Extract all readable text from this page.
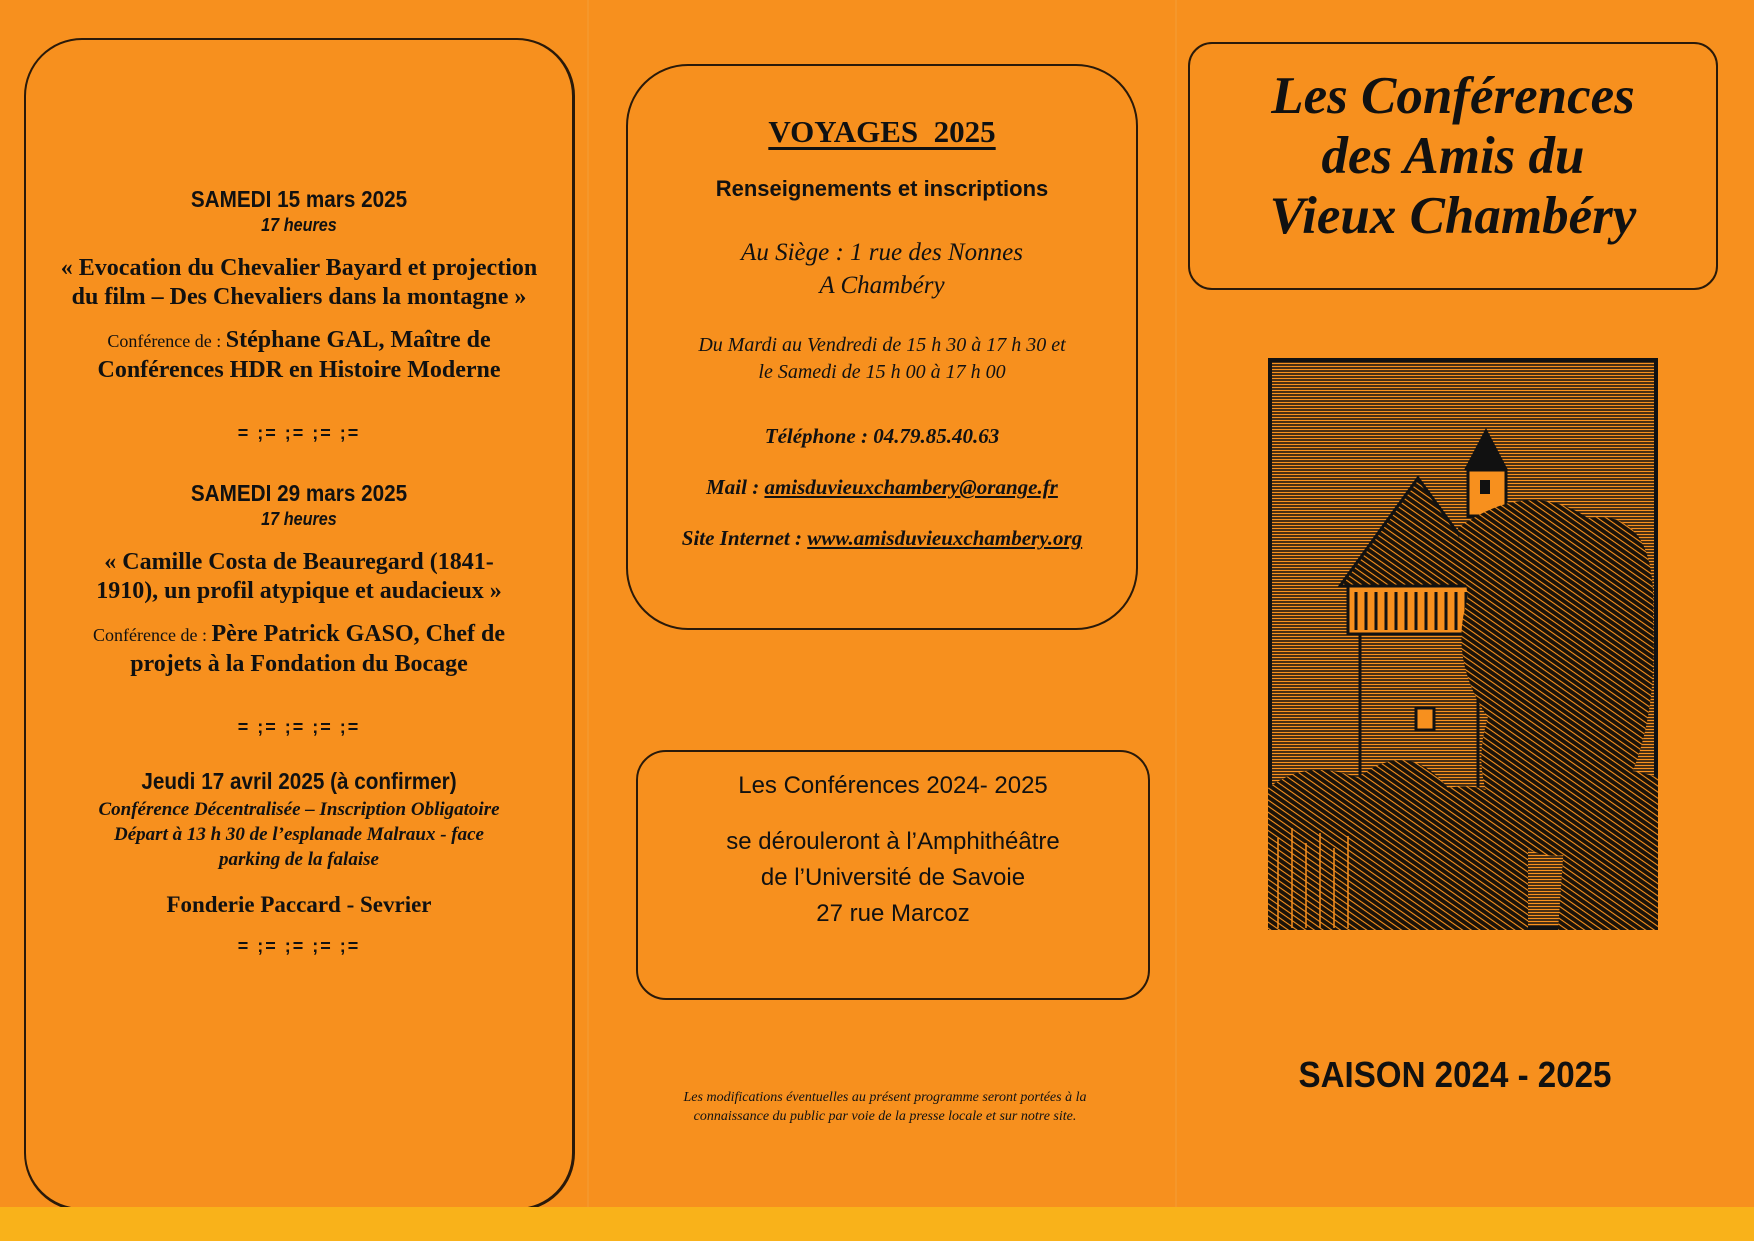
SAMEDI 15 mars 2025
17 heures
« Evocation du Chevalier Bayard et projection du film – Des Chevaliers dans la montagne »
Conférence de : Stéphane GAL, Maître de Conférences HDR en Histoire Moderne
= ;= ;= ;= ;=
SAMEDI 29 mars 2025
17 heures
« Camille Costa de Beauregard (1841-1910), un profil atypique et audacieux »
Conférence de : Père Patrick GASO, Chef de projets à la Fondation du Bocage
= ;= ;= ;= ;=
Jeudi 17 avril 2025 (à confirmer)
Conférence Décentralisée – Inscription Obligatoire
Départ à 13 h 30 de l’esplanade Malraux - face
parking de la falaise
Fonderie Paccard - Sevrier
= ;= ;= ;= ;=
VOYAGES  2025
Renseignements et inscriptions
Au Siège : 1 rue des Nonnes
A Chambéry
Du Mardi au Vendredi de 15 h 30 à 17 h 30 et
le Samedi de 15 h 00 à 17 h 00
Téléphone : 04.79.85.40.63
Mail : amisduvieuxchambery@orange.fr
Site Internet : www.amisduvieuxchambery.org
Les Conférences 2024- 2025
se dérouleront à l’Amphithéâtre
de l’Université de Savoie
27 rue Marcoz
Les modifications éventuelles au présent programme seront portées à la
connaissance du public par voie de la presse locale et sur notre site.
Les Conférences
des Amis du
Vieux Chambéry
SAISON 2024 - 2025
